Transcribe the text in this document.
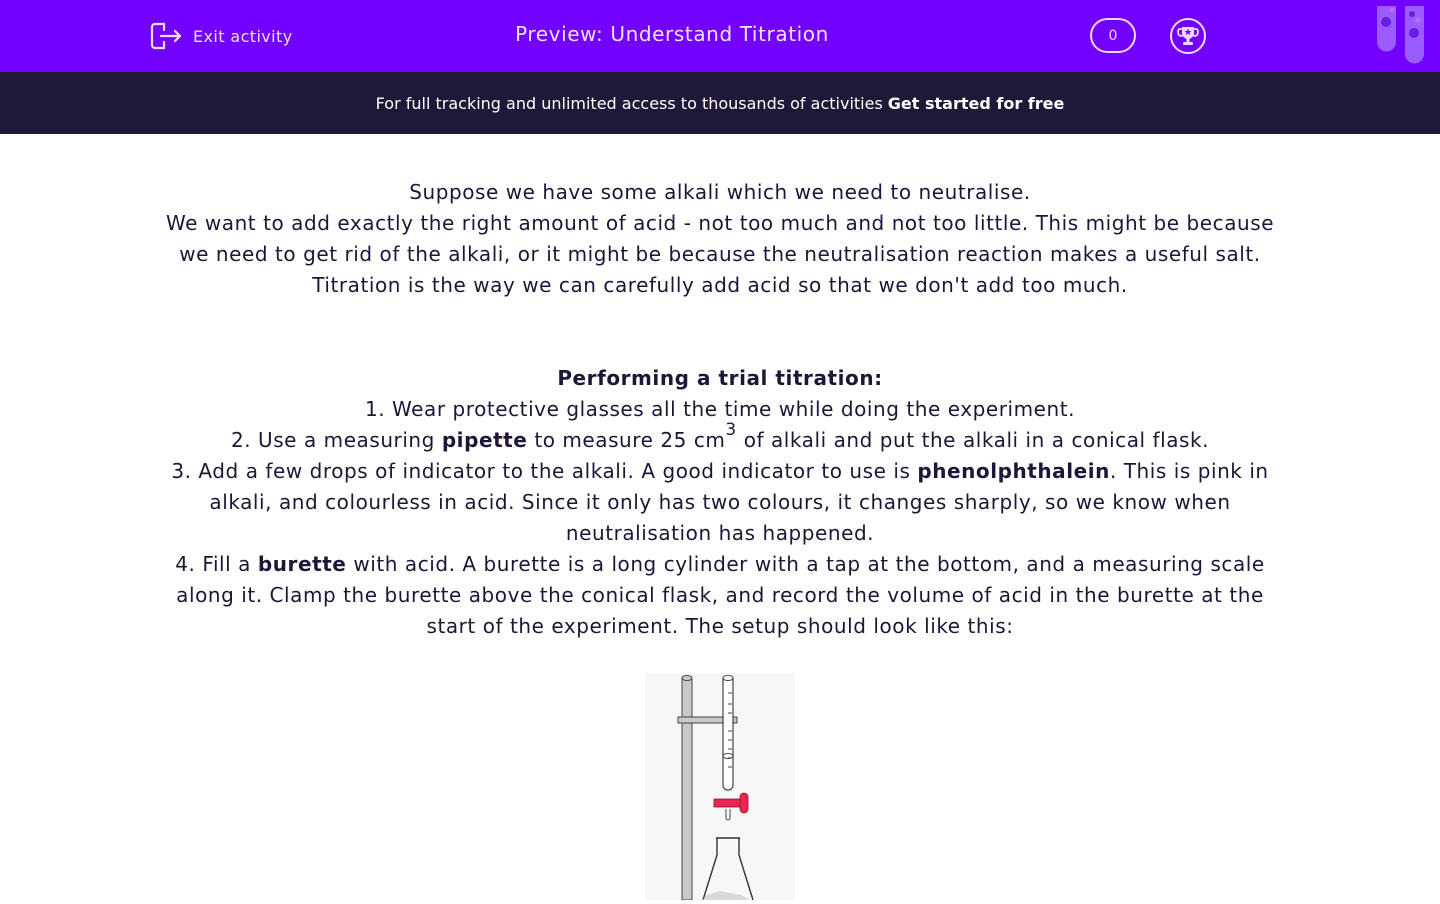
Exit activity	Preview: Understand Titration	0
For full tracking and unlimited access to thousands of activities Get started for free

Suppose we have some alkali which we need to neutralise.

We want to add exactly the right amount of acid - not too much and not too little. This might be because we need to get rid of the alkali, or it might be because the neutralisation reaction makes a useful salt.

Titration is the way we can carefully add acid so that we don't add too much.

Performing a trial titration:

1. Wear protective glasses all the time while doing the experiment.

2. Use a measuring pipette to measure 25 $cm^3$ of alkali and put the alkali in a conical flask.

3. Add a few drops of indicator to the alkali. A good indicator to use is phenolphthalein. This is pink in alkali, and colourless in acid. Since it only has two colours, it changes sharply, so we know when neutralisation has happened.

4. Fill a burette with acid. A burette is a long cylinder with a tap at the bottom, and a measuring scale along it. Clamp the burette above the conical flask, and record the volume of acid in the burette at the start of the experiment. The setup should look like this:
